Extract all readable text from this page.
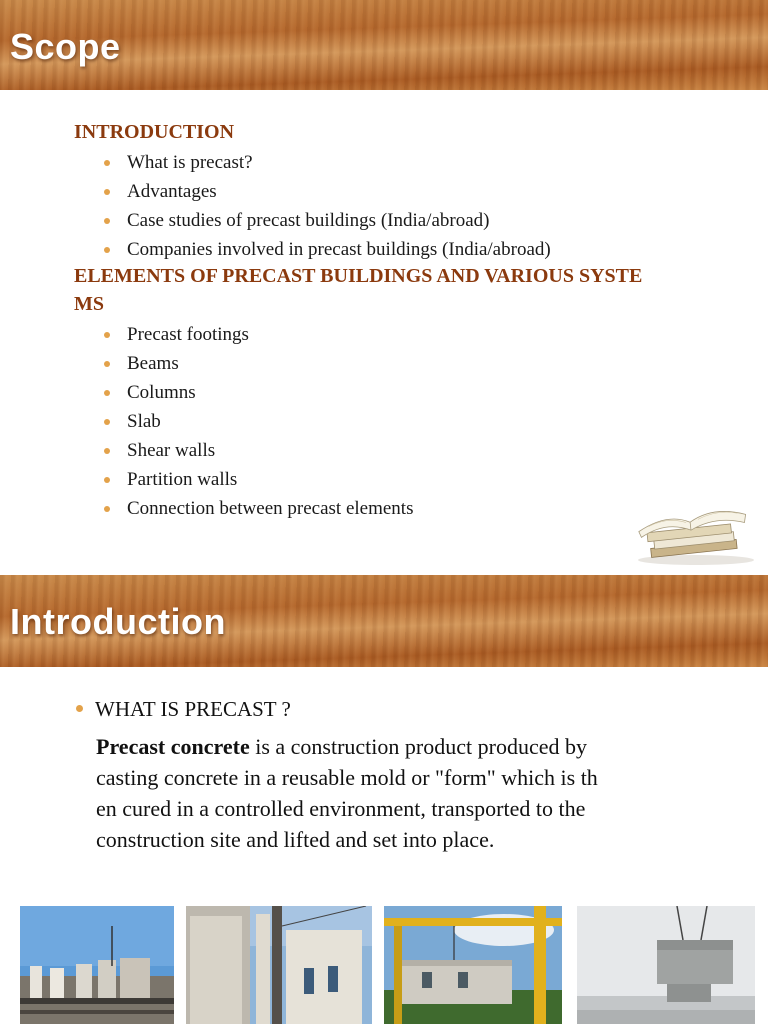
Scope
INTRODUCTION
What is precast?
Advantages
Case studies of precast buildings (India/abroad)
Companies involved in precast buildings (India/abroad)
ELEMENTS OF PRECAST BUILDINGS AND VARIOUS SYSTE
MS
Precast footings
Beams
Columns
Slab
Shear walls
Partition walls
Connection between precast elements
Introduction
WHAT IS PRECAST ?
Precast concrete is a construction product produced by
casting concrete in a reusable mold or "form" which is th
en cured in a controlled environment, transported to the
construction site and lifted and set into place.
